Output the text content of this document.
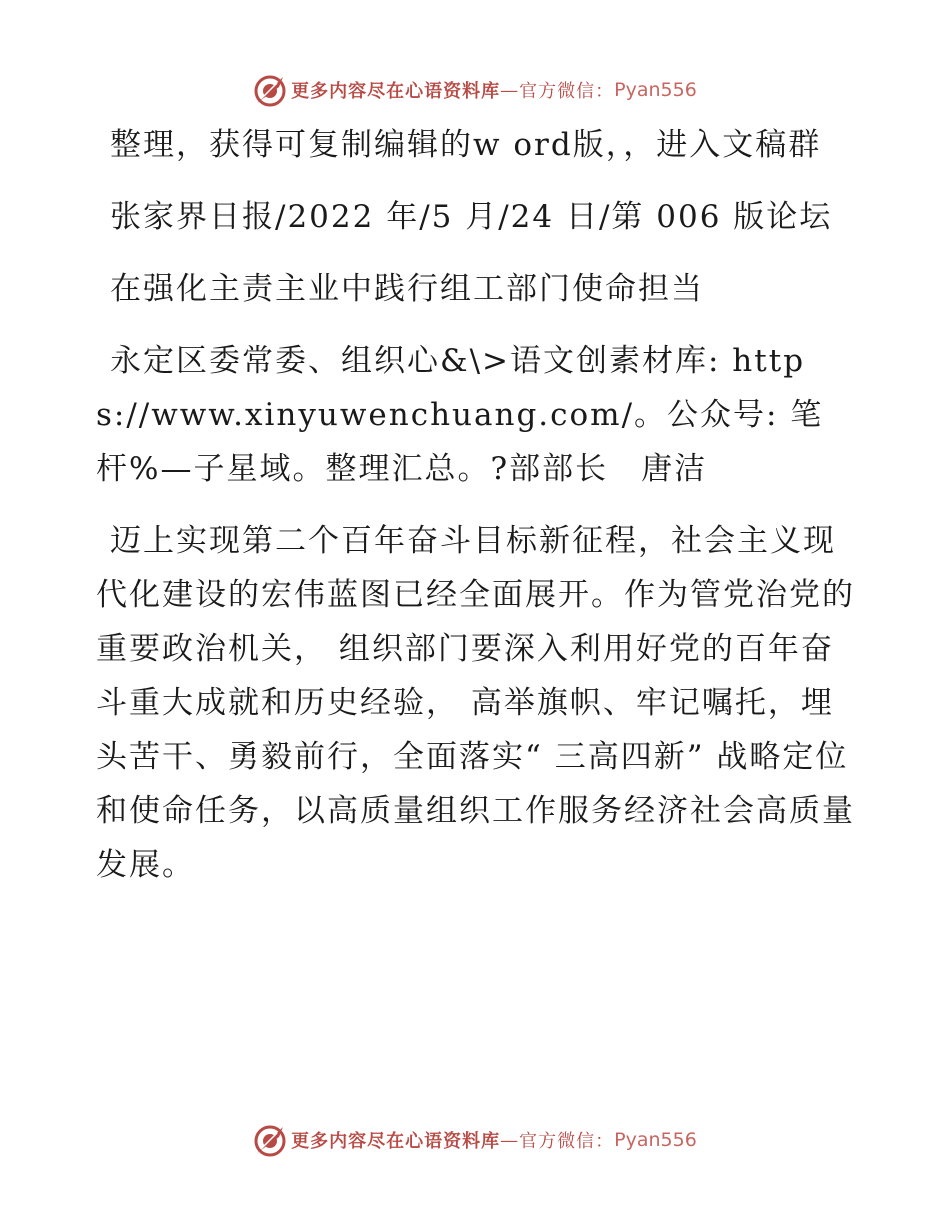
更多内容尽在心语资料库 — 官方微信： Pyan556

整理，获得可复制编辑的w ord版，，进入文稿群

张家界日报/2022 年/5 月/24 日/第 006 版论坛

在强化主责主业中践行组工部门使命担当

永定区委常委、组织心&\>语文创素材库: https://www.xinyuwenchuang.com/。公众号: 笔杆%—子星域。整理汇总。?部部长　唐洁

迈上实现第二个百年奋斗目标新征程，社会主义现代化建设的宏伟蓝图已经全面展开。作为管党治党的重要政治机关， 组织部门要深入利用好党的百年奋斗重大成就和历史经验， 高举旗帜、牢记嘱托，埋头苦干、勇毅前行，全面落实“ 三高四新” 战略定位和使命任务，以高质量组织工作服务经济社会高质量发展。

更多内容尽在心语资料库 — 官方微信： Pyan556
